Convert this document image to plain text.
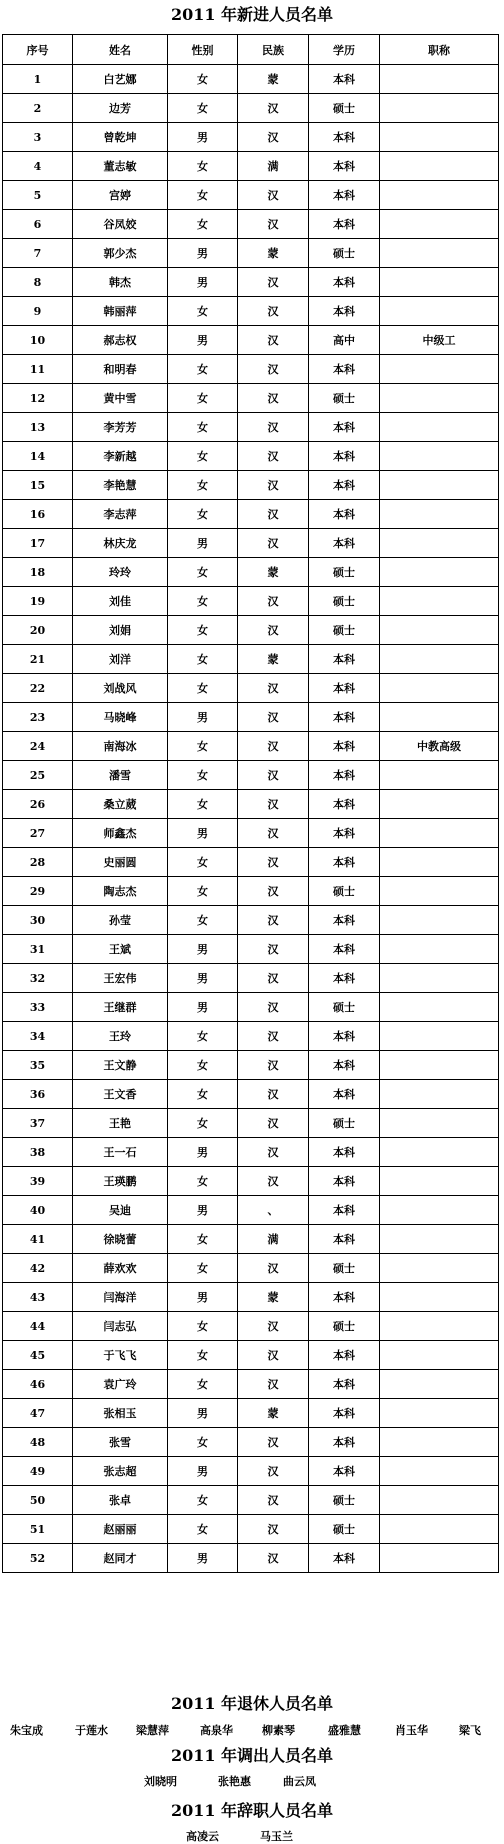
2011 年新进人员名单
序号	姓名	性别	民族	学历	职称
1	白艺娜	女	蒙	本科	
2	边芳	女	汉	硕士	
3	曾乾坤	男	汉	本科	
4	董志敏	女	满	本科	
5	宫婷	女	汉	本科	
6	谷凤姣	女	汉	本科	
7	郭少杰	男	蒙	硕士	
8	韩杰	男	汉	本科	
9	韩丽萍	女	汉	本科	
10	郝志权	男	汉	高中	中级工
11	和明春	女	汉	本科	
12	黄中雪	女	汉	硕士	
13	李芳芳	女	汉	本科	
14	李新越	女	汉	本科	
15	李艳慧	女	汉	本科	
16	李志萍	女	汉	本科	
17	林庆龙	男	汉	本科	
18	玲玲	女	蒙	硕士	
19	刘佳	女	汉	硕士	
20	刘娟	女	汉	硕士	
21	刘洋	女	蒙	本科	
22	刘战风	女	汉	本科	
23	马晓峰	男	汉	本科	
24	南海冰	女	汉	本科	中教高级
25	潘雪	女	汉	本科	
26	桑立葳	女	汉	本科	
27	师鑫杰	男	汉	本科	
28	史丽圆	女	汉	本科	
29	陶志杰	女	汉	硕士	
30	孙莹	女	汉	本科	
31	王斌	男	汉	本科	
32	王宏伟	男	汉	本科	
33	王继群	男	汉	硕士	
34	王玲	女	汉	本科	
35	王文静	女	汉	本科	
36	王文香	女	汉	本科	
37	王艳	女	汉	硕士	
38	王一石	男	汉	本科	
39	王瑛鹏	女	汉	本科	
40	吴迪	男	、	本科	
41	徐晓蕾	女	满	本科	
42	薛欢欢	女	汉	硕士	
43	闫海洋	男	蒙	本科	
44	闫志弘	女	汉	硕士	
45	于飞飞	女	汉	本科	
46	袁广玲	女	汉	本科	
47	张相玉	男	蒙	本科	
48	张雪	女	汉	本科	
49	张志超	男	汉	本科	
50	张卓	女	汉	硕士	
51	赵丽丽	女	汉	硕士	
52	赵同才	男	汉	本科	
2011 年退休人员名单
朱宝成	于莲水	梁慧萍	高泉华	柳素琴	盛雅慧	肖玉华	梁飞
2011 年调出人员名单
刘晓明	张艳惠	曲云凤
2011 年辞职人员名单
高凌云	马玉兰
